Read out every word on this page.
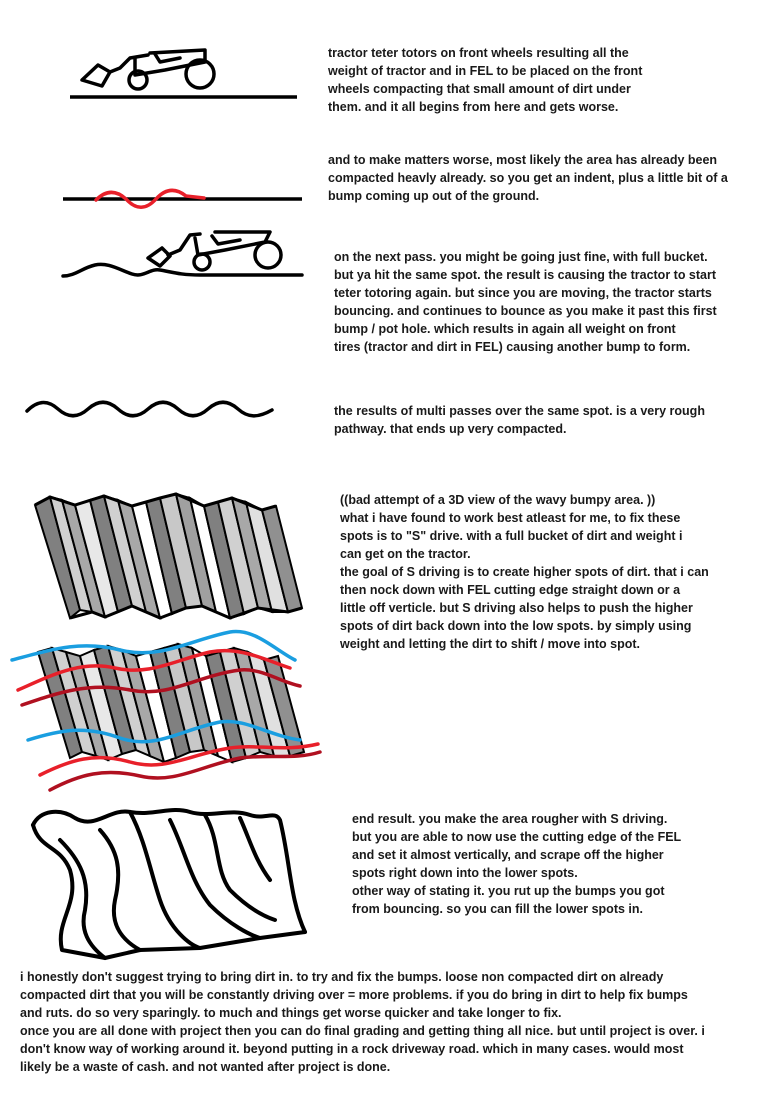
tractor teter totors on front wheels resulting all the
weight of tractor and in FEL to be placed on the front
wheels compacting that small amount of dirt under
them. and it all begins from here and gets worse.
and to make matters worse, most likely the area has already been
compacted heavly already. so you get an indent, plus a little bit of a
bump coming up out of the ground.
on the next pass. you might be going just fine, with full bucket.
but ya hit the same spot. the result is causing the tractor to start
teter totoring again. but since you are moving, the tractor starts
bouncing. and continues to bounce as you make it past this first
bump / pot hole. which results in again all weight on front
tires (tractor and dirt in FEL) causing another bump to form.
the results of multi passes over the same spot. is a very rough
pathway. that ends up very compacted.
((bad attempt of a 3D view of the wavy bumpy area. ))
what i have found to work best atleast for me, to fix these
spots is to "S" drive. with a full bucket of dirt and weight i
can get on the tractor.
the goal of S driving is to create higher spots of dirt. that i can
then nock down with FEL cutting edge straight down or a
little off verticle. but S driving also helps to push the higher
spots of dirt back down into the low spots. by simply using
weight and letting the dirt to shift / move into spot.
end result. you make the area rougher with S driving.
but you are able to now use the cutting edge of the FEL
and set it almost vertically, and scrape off the higher
spots right down into the lower spots.
other way of stating it. you rut up the bumps you got
from bouncing. so you can fill the lower spots in.
i honestly don't suggest trying to bring dirt in. to try and fix the bumps. loose non compacted dirt on already
compacted dirt that you will be constantly driving over = more problems. if you do bring in dirt to help fix bumps
and ruts. do so very sparingly. to much and things get worse quicker and take longer to fix.
once you are all done with project then you can do final grading and getting thing all nice. but until project is over. i
don't know way of working around it. beyond putting in a rock driveway road. which in many cases. would most
likely be a waste of cash. and not wanted after project is done.
